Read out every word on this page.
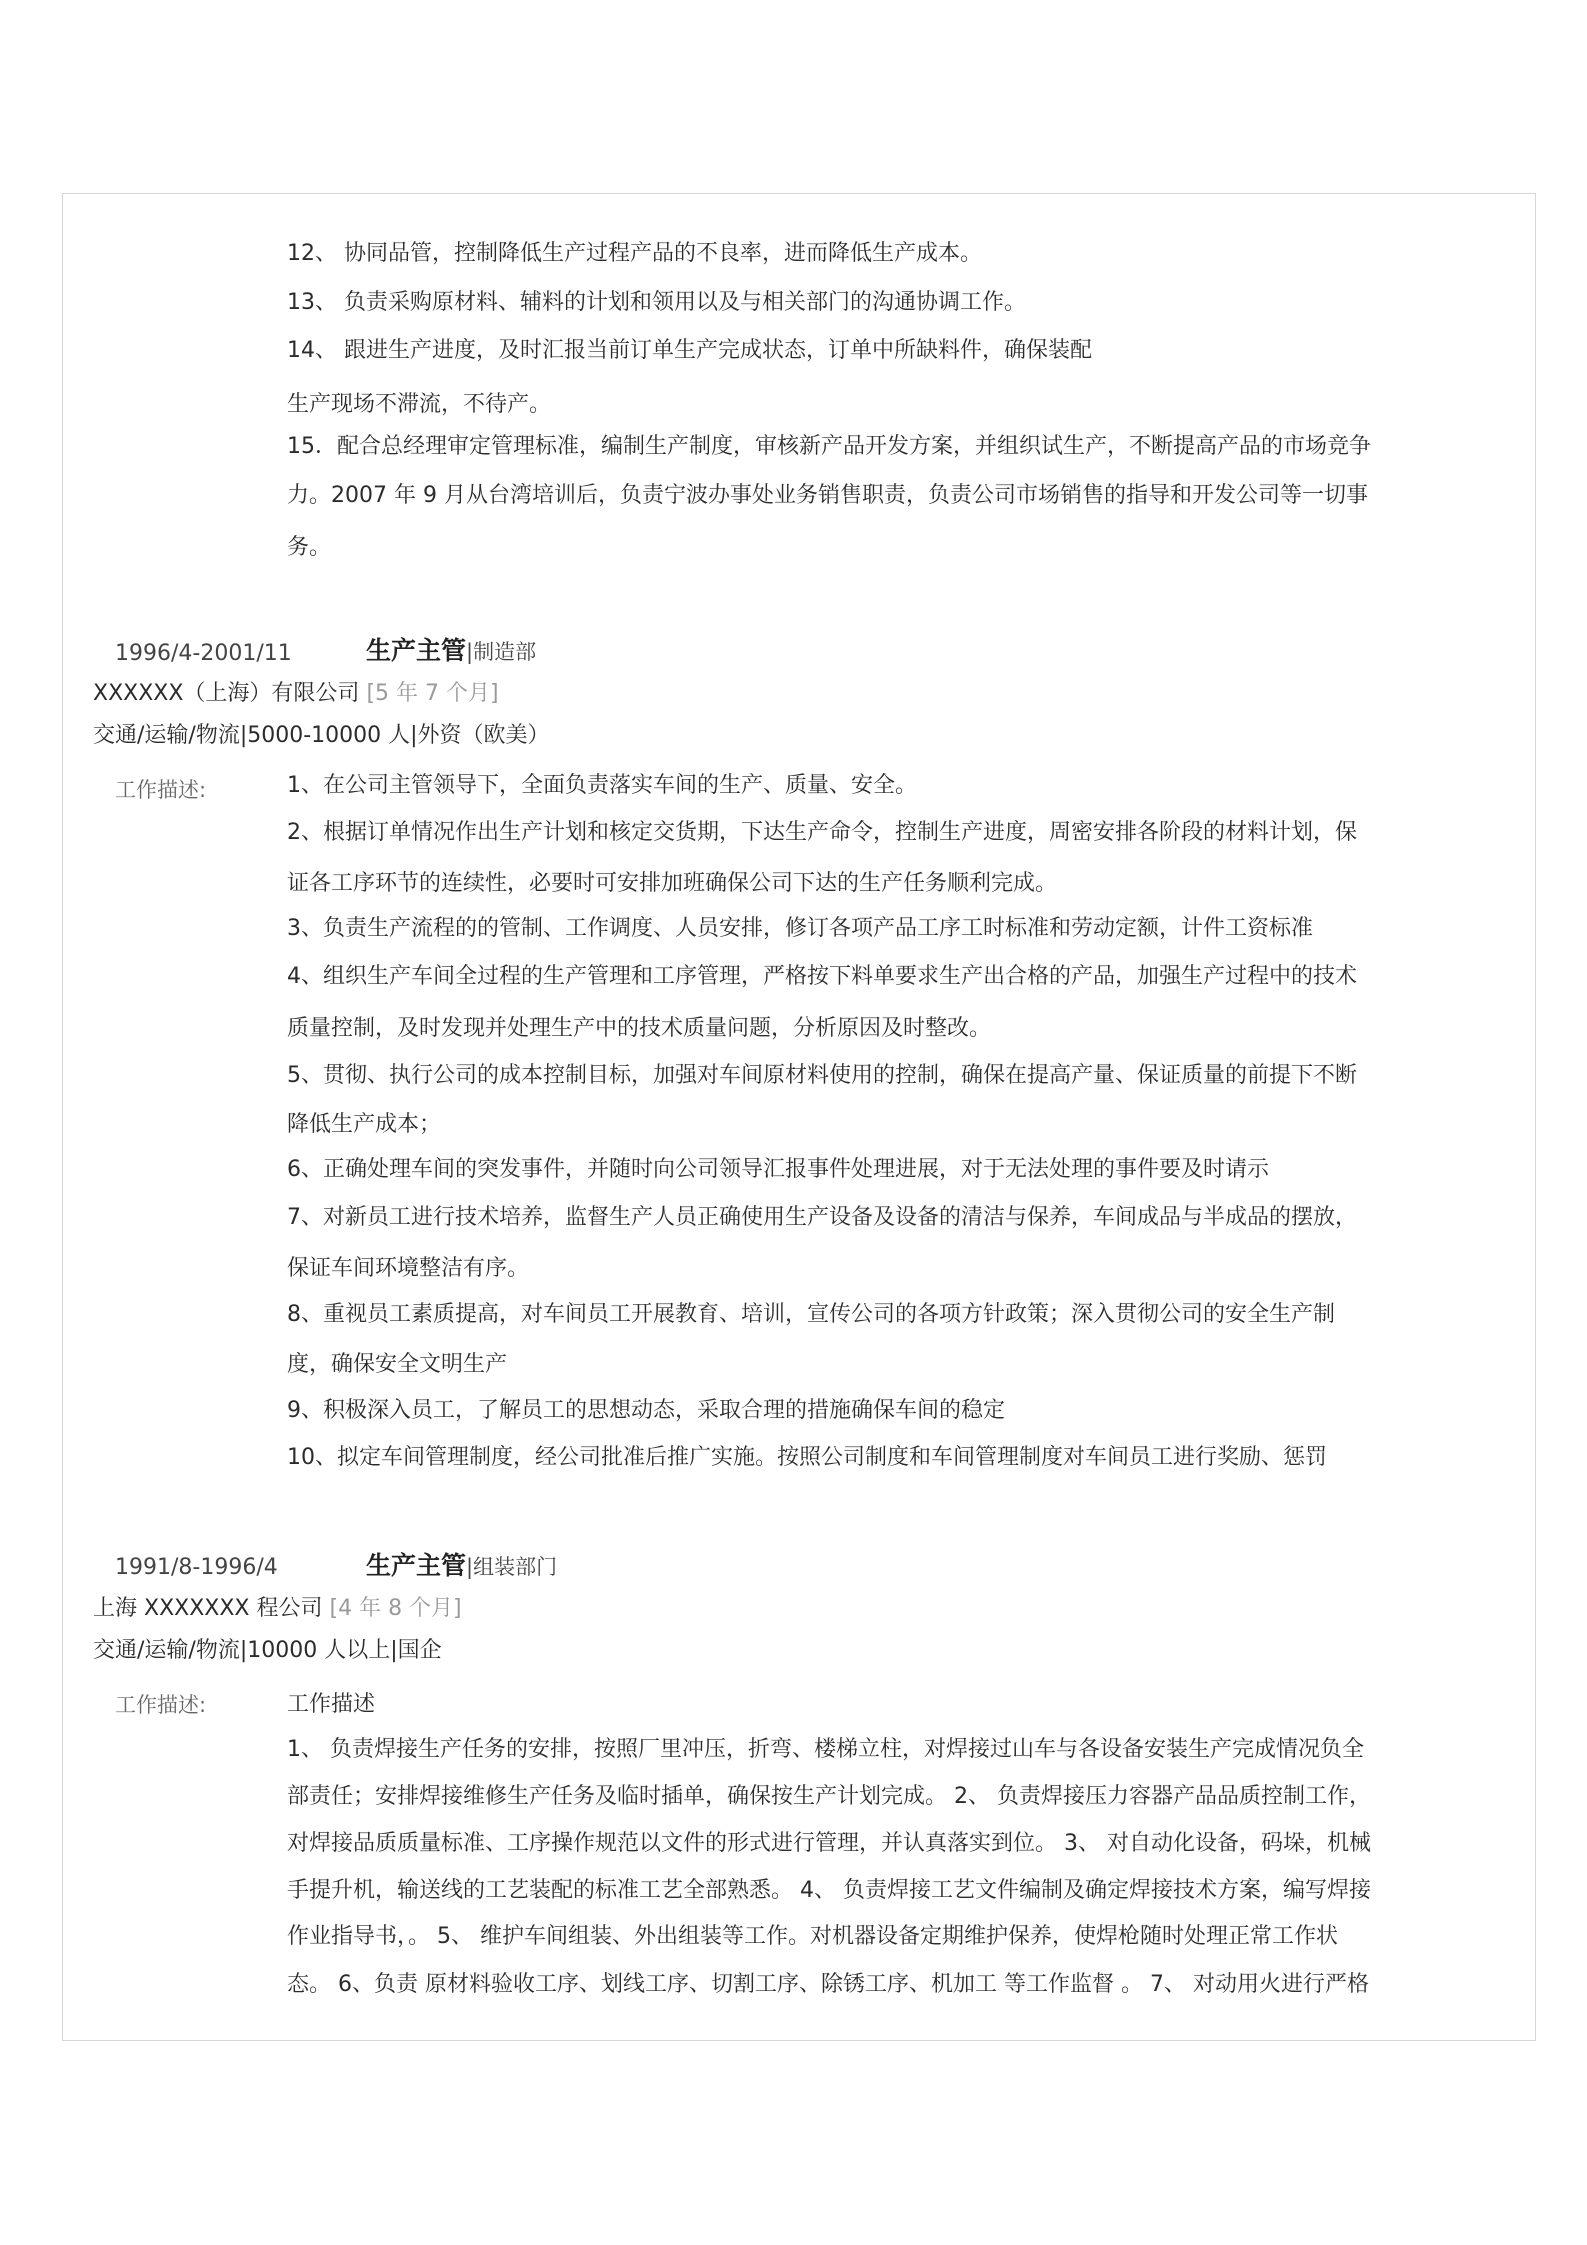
12、 协同品管，控制降低生产过程产品的不良率，进而降低生产成本。
13、 负责采购原材料、辅料的计划和领用以及与相关部门的沟通协调工作。
14、 跟进生产进度，及时汇报当前订单生产完成状态，订单中所缺料件，确保装配
生产现场不滞流，不待产。
15．配合总经理审定管理标准，编制生产制度，审核新产品开发方案，并组织试生产，不断提高产品的市场竞争
力。2007 年 9 月从台湾培训后，负责宁波办事处业务销售职责，负责公司市场销售的指导和开发公司等一切事
务。
1996/4-2001/11	生产主管|制造部
XXXXXX（上海）有限公司 [5 年 7 个月]
交通/运输/物流|5000-10000 人|外资（欧美）
工作描述:	1、在公司主管领导下，全面负责落实车间的生产、质量、安全。
2、根据订单情况作出生产计划和核定交货期，下达生产命令，控制生产进度，周密安排各阶段的材料计划，保
证各工序环节的连续性，必要时可安排加班确保公司下达的生产任务顺利完成。
3、负责生产流程的的管制、工作调度、人员安排，修订各项产品工序工时标准和劳动定额，计件工资标准
4、组织生产车间全过程的生产管理和工序管理，严格按下料单要求生产出合格的产品，加强生产过程中的技术
质量控制，及时发现并处理生产中的技术质量问题，分析原因及时整改。
5、贯彻、执行公司的成本控制目标，加强对车间原材料使用的控制，确保在提高产量、保证质量的前提下不断
降低生产成本；
6、正确处理车间的突发事件，并随时向公司领导汇报事件处理进展，对于无法处理的事件要及时请示
7、对新员工进行技术培养，监督生产人员正确使用生产设备及设备的清洁与保养，车间成品与半成品的摆放，
保证车间环境整洁有序。
8、重视员工素质提高，对车间员工开展教育、培训，宣传公司的各项方针政策；深入贯彻公司的安全生产制
度，确保安全文明生产
9、积极深入员工，了解员工的思想动态，采取合理的措施确保车间的稳定
10、拟定车间管理制度，经公司批准后推广实施。按照公司制度和车间管理制度对车间员工进行奖励、惩罚
1991/8-1996/4	生产主管|组装部门
上海 XXXXXXX 程公司 [4 年 8 个月]
交通/运输/物流|10000 人以上|国企
工作描述:	工作描述
1、 负责焊接生产任务的安排，按照厂里冲压，折弯、楼梯立柱，对焊接过山车与各设备安装生产完成情况负全
部责任；安排焊接维修生产任务及临时插单，确保按生产计划完成。 2、 负责焊接压力容器产品品质控制工作，
对焊接品质质量标准、工序操作规范以文件的形式进行管理，并认真落实到位。 3、 对自动化设备，码垛，机械
手提升机，输送线的工艺装配的标准工艺全部熟悉。 4、 负责焊接工艺文件编制及确定焊接技术方案，编写焊接
作业指导书，。 5、 维护车间组装、外出组装等工作。对机器设备定期维护保养，使焊枪随时处理正常工作状
态。 6、负责 原材料验收工序、划线工序、切割工序、除锈工序、机加工 等工作监督 。 7、 对动用火进行严格
